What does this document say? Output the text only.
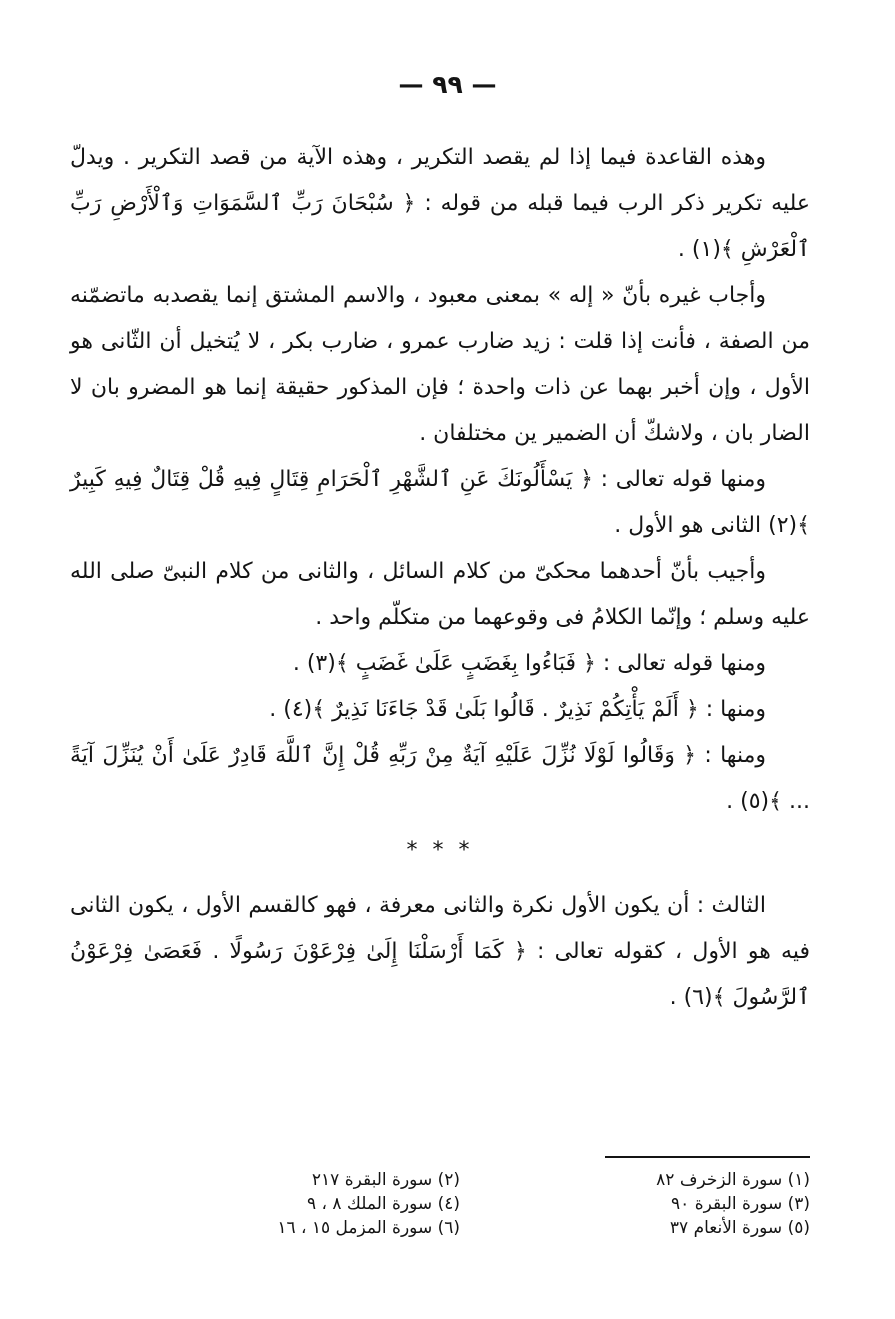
— ٩٩ —

وهذه القاعدة فيما إذا لم يقصد التكرير ، وهذه الآية من قصد التكرير . ويدلّ عليه تكرير ذكر الرب فيما قبله من قوله : ﴿ سُبْحَانَ رَبِّ ٱلسَّمَوَاتِ وَٱلْأَرْضِ رَبِّ ٱلْعَرْشِ ﴾(١) .

وأجاب غيره بأنّ « إله » بمعنى معبود ، والاسم المشتق إنما يقصدبه ماتضمّنه من الصفة ، فأنت إذا قلت : زيد ضارب عمرو ، ضارب بكر ، لا يُتخيل أن الثّانى هو الأول ، وإن أخبر بهما عن ذات واحدة ؛ فإن المذكور حقيقة إنما هو المضرو بان لا الضار بان ، ولاشكّ أن الضمير ين مختلفان .

ومنها قوله تعالى : ﴿ يَسْأَلُونَكَ عَنِ ٱلشَّهْرِ ٱلْحَرَامِ قِتَالٍ فِيهِ قُلْ قِتَالٌ فِيهِ كَبِيرٌ ﴾(٢) الثانى هو الأول .

وأجيب بأنّ أحدهما محكىّ من كلام السائل ، والثانى من كلام النبىّ صلى الله عليه وسلم ؛ وإنّما الكلامُ فى وقوعهما من متكلّم واحد .

ومنها قوله تعالى : ﴿ فَبَاءُوا بِغَضَبٍ عَلَىٰ غَضَبٍ ﴾(٣) .

ومنها : ﴿ أَلَمْ يَأْتِكُمْ نَذِيرٌ . قَالُوا بَلَىٰ قَدْ جَاءَنَا نَذِيرٌ ﴾(٤) .

ومنها : ﴿ وَقَالُوا لَوْلَا نُزِّلَ عَلَيْهِ آيَةٌ مِنْ رَبِّهِ قُلْ إِنَّ ٱللَّهَ قَادِرٌ عَلَىٰ أَنْ يُنَزِّلَ آيَةً ... ﴾(٥) .

* * *

الثالث : أن يكون الأول نكرة والثانى معرفة ، فهو كالقسم الأول ، يكون الثانى فيه هو الأول ، كقوله تعالى : ﴿ كَمَا أَرْسَلْنَا إِلَىٰ فِرْعَوْنَ رَسُولًا . فَعَصَىٰ فِرْعَوْنُ ٱلرَّسُولَ ﴾(٦) .

(١) سورة الزخرف ٨٢
(٢) سورة البقرة ٢١٧
(٣) سورة البقرة ٩٠
(٤) سورة الملك ٨ ، ٩
(٥) سورة الأنعام ٣٧
(٦) سورة المزمل ١٥ ، ١٦
